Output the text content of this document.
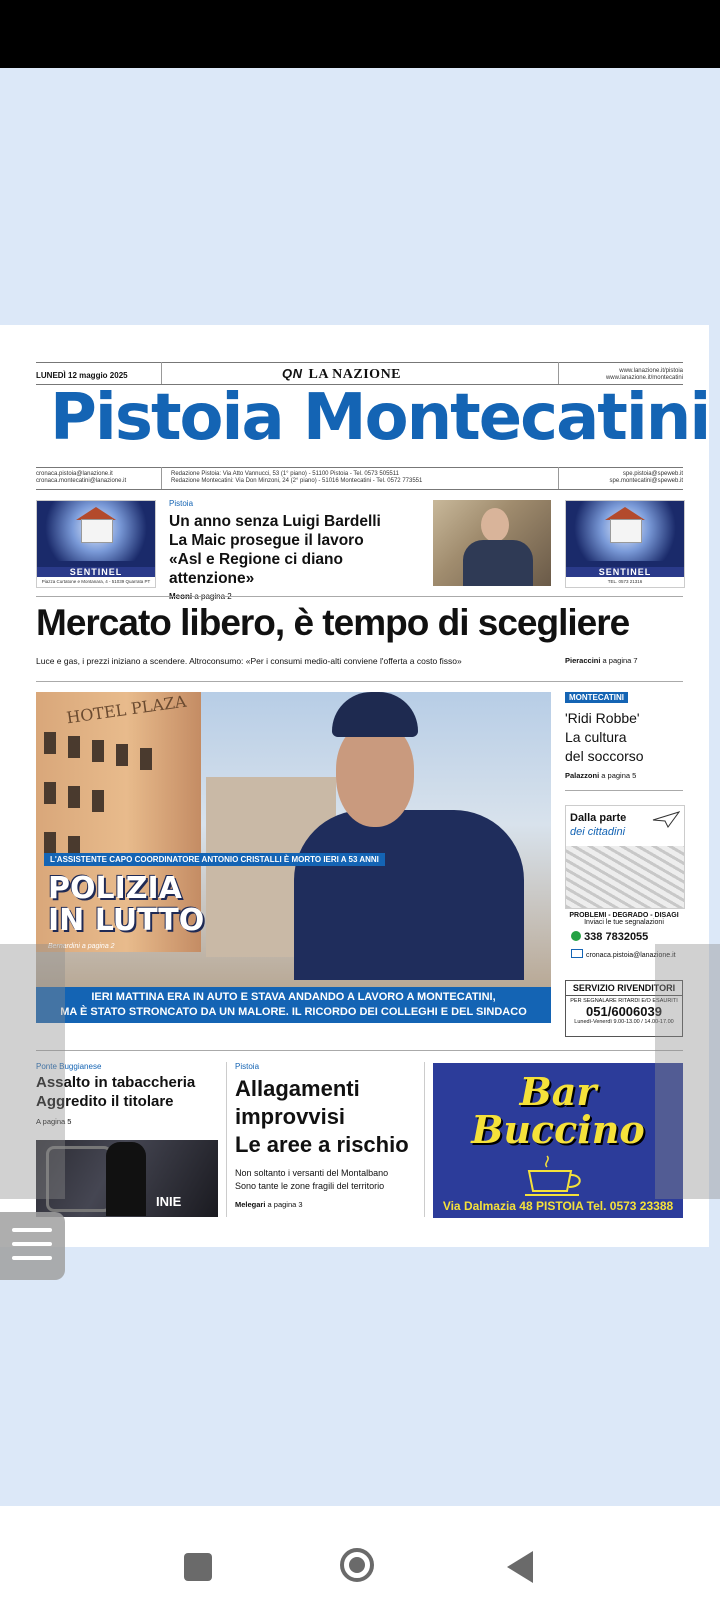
LUNEDÌ 12 maggio 2025	QN LA NAZIONE	www.lanazione.it/pistoia
www.lanazione.it/montecatini
Pistoia Montecatini
cronaca.pistoia@lanazione.it
cronaca.montecatini@lanazione.it
Redazione Pistoia: Via Atto Vannucci, 53 (1° piano) - 51100 Pistoia - Tel. 0573 505511
Redazione Montecatini: Via Don Minzoni, 24 (2° piano) - 51016 Montecatini - Tel. 0572 773551
spe.pistoia@speweb.it
spe.montecatini@speweb.it
SENTINEL
Piazza Curtatone e Montanara, 4 - 51039 Quarrata PT
SENTINEL
TEL. 0573 21316
Pistoia
Un anno senza Luigi Bardelli
La Maic prosegue il lavoro
«Asl e Regione ci diano attenzione»
Mercato libero, è tempo di scegliere
Luce e gas, i prezzi iniziano a scendere. Altroconsumo: «Per i consumi medio-alti conviene l'offerta a costo fisso»	Pieraccini a pagina 7
HOTEL PLAZA
L'ASSISTENTE CAPO COORDINATORE ANTONIO CRISTALLI È MORTO IERI A 53 ANNI
POLIZIA
IN LUTTO
Bernardini a pagina 2
IERI MATTINA ERA IN AUTO E STAVA ANDANDO A LAVORO A MONTECATINI,
MA È STATO STRONCATO DA UN MALORE. IL RICORDO DEI COLLEGHI E DEL SINDACO
MONTECATINI
'Ridi Robbe'
La cultura
del soccorso
Palazzoni a pagina 5
Dalla parte
dei cittadini
PROBLEMI - DEGRADO - DISAGI
Inviaci le tue segnalazioni
338 7832055
cronaca.pistoia@lanazione.it
SERVIZIO RIVENDITORI
PER SEGNALARE RITARDI E/O ESAURITI
051/6006039
Lunedì-Venerdì 9.00-13.00 / 14.00-17.00
Ponte Buggianese
Assalto in tabaccheria
Aggredito il titolare
A pagina 5
INIE
Pistoia
Allagamenti
improvvisi
Le aree a rischio
Non soltanto i versanti del Montalbano
Sono tante le zone fragili del territorio
Melegari a pagina 3
Bar
Buccino
Via Dalmazia 48 PISTOIA Tel. 0573 23388
